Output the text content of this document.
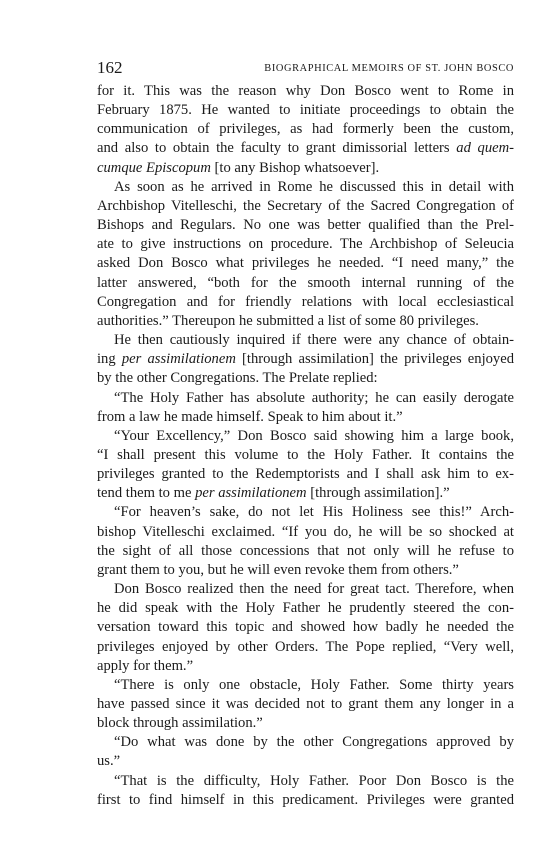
162	BIOGRAPHICAL MEMOIRS OF ST. JOHN BOSCO
for it. This was the reason why Don Bosco went to Rome in
February 1875. He wanted to initiate proceedings to obtain the
communication of privileges, as had formerly been the custom,
and also to obtain the faculty to grant dimissorial letters ad quem-
cumque Episcopum [to any Bishop whatsoever].
As soon as he arrived in Rome he discussed this in detail with
Archbishop Vitelleschi, the Secretary of the Sacred Congregation of
Bishops and Regulars. No one was better qualified than the Prel-
ate to give instructions on procedure. The Archbishop of Seleucia
asked Don Bosco what privileges he needed. “I need many,” the
latter answered, “both for the smooth internal running of the
Congregation and for friendly relations with local ecclesiastical
authorities.” Thereupon he submitted a list of some 80 privileges.
He then cautiously inquired if there were any chance of obtain-
ing per assimilationem [through assimilation] the privileges enjoyed
by the other Congregations. The Prelate replied:
“The Holy Father has absolute authority; he can easily derogate
from a law he made himself. Speak to him about it.”
“Your Excellency,” Don Bosco said showing him a large book,
“I shall present this volume to the Holy Father. It contains the
privileges granted to the Redemptorists and I shall ask him to ex-
tend them to me per assimilationem [through assimilation].”
“For heaven’s sake, do not let His Holiness see this!” Arch-
bishop Vitelleschi exclaimed. “If you do, he will be so shocked at
the sight of all those concessions that not only will he refuse to
grant them to you, but he will even revoke them from others.”
Don Bosco realized then the need for great tact. Therefore, when
he did speak with the Holy Father he prudently steered the con-
versation toward this topic and showed how badly he needed the
privileges enjoyed by other Orders. The Pope replied, “Very well,
apply for them.”
“There is only one obstacle, Holy Father. Some thirty years
have passed since it was decided not to grant them any longer in a
block through assimilation.”
“Do what was done by the other Congregations approved by
us.”
“That is the difficulty, Holy Father. Poor Don Bosco is the
first to find himself in this predicament. Privileges were granted
